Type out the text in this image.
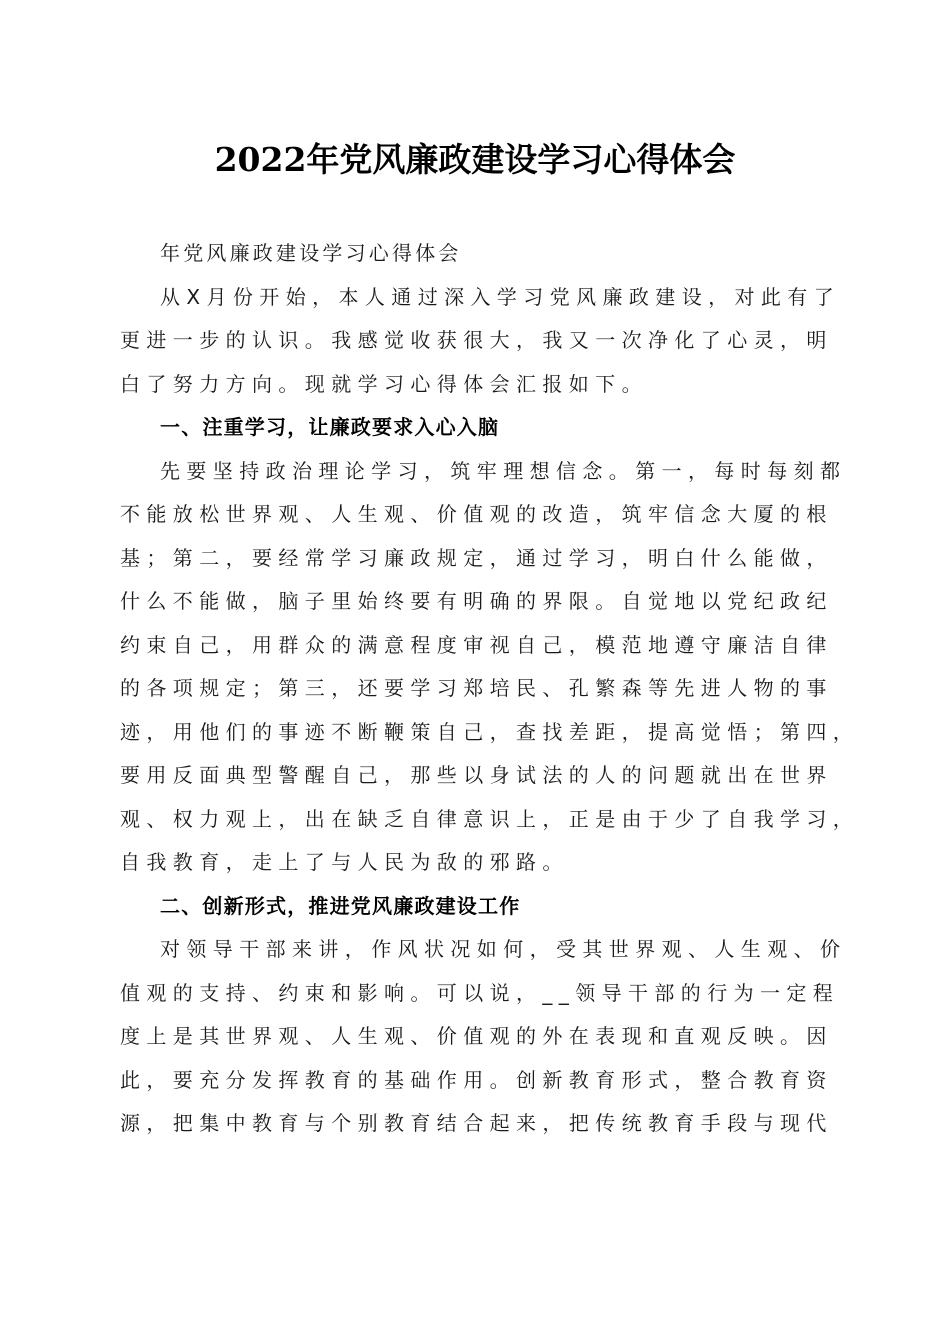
2022年党风廉政建设学习心得体会
年党风廉政建设学习心得体会
从X月份开始，本人通过深入学习党风廉政建设，对此有了
更进一步的认识。我感觉收获很大，我又一次净化了心灵，明
白了努力方向。现就学习心得体会汇报如下。
一、注重学习，让廉政要求入心入脑
先要坚持政治理论学习，筑牢理想信念。第一，每时每刻都
不能放松世界观、人生观、价值观的改造，筑牢信念大厦的根
基；第二，要经常学习廉政规定，通过学习，明白什么能做，
什么不能做，脑子里始终要有明确的界限。自觉地以党纪政纪
约束自己，用群众的满意程度审视自己，模范地遵守廉洁自律
的各项规定；第三，还要学习郑培民、孔繁森等先进人物的事
迹，用他们的事迹不断鞭策自己，查找差距，提高觉悟；第四，
要用反面典型警醒自己，那些以身试法的人的问题就出在世界
观、权力观上，出在缺乏自律意识上，正是由于少了自我学习，
自我教育，走上了与人民为敌的邪路。
二、创新形式，推进党风廉政建设工作
对领导干部来讲，作风状况如何，受其世界观、人生观、价
值观的支持、约束和影响。可以说，__领导干部的行为一定程
度上是其世界观、人生观、价值观的外在表现和直观反映。因
此，要充分发挥教育的基础作用。创新教育形式，整合教育资
源，把集中教育与个别教育结合起来，把传统教育手段与现代
